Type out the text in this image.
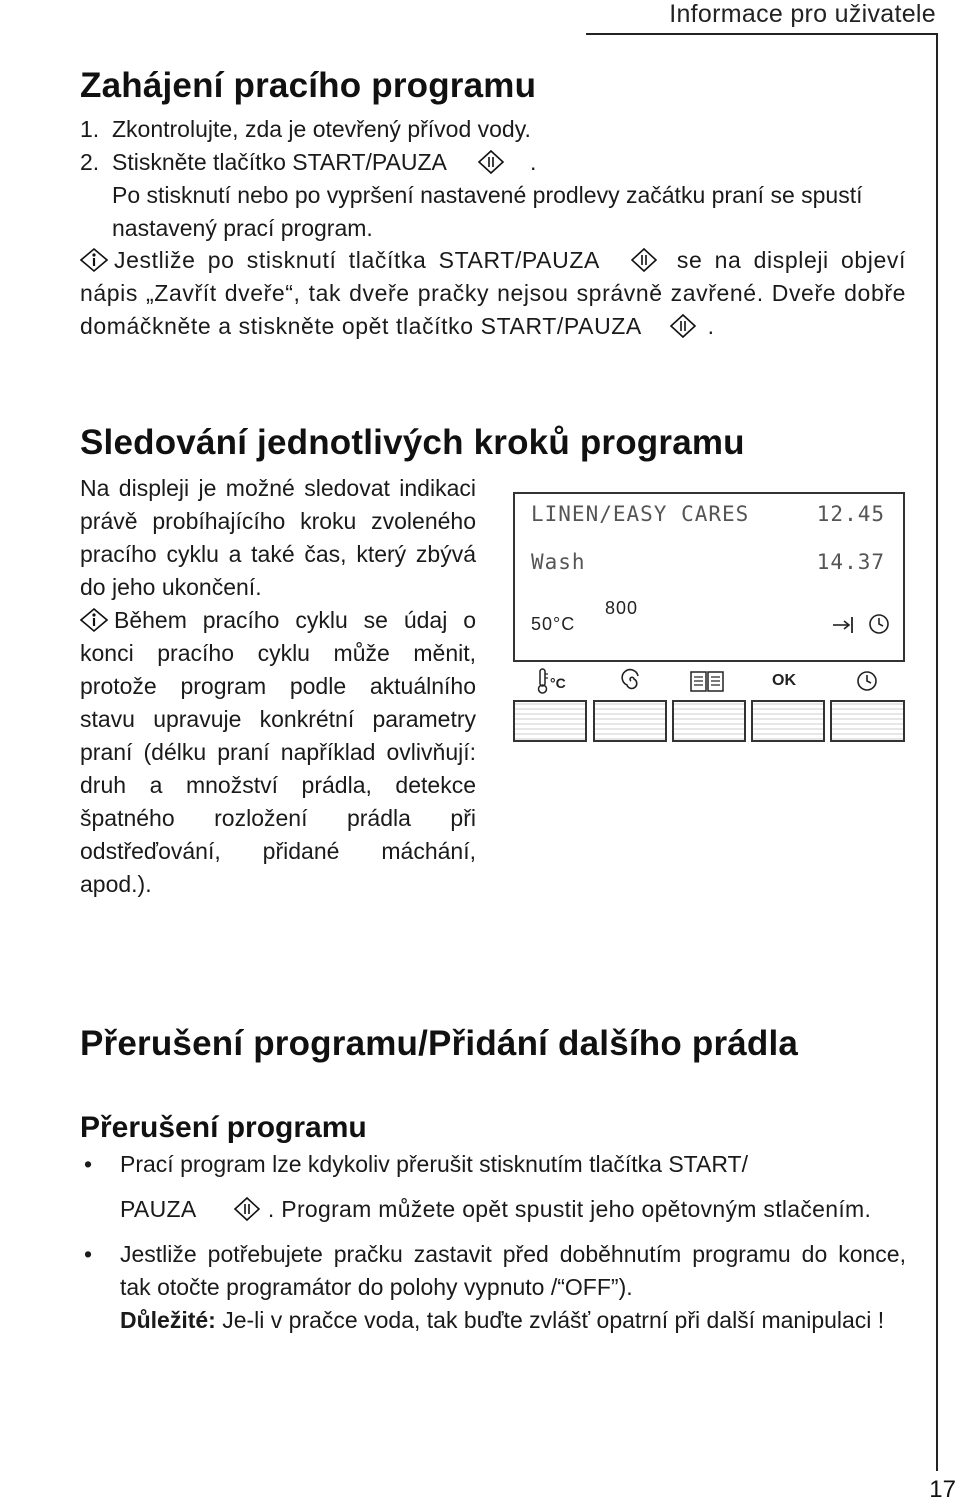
Informace pro uživatele
Zahájení pracího programu
1. Zkontrolujte, zda je otevřený přívod vody.
2. Stiskněte tlačítko START/PAUZA	.
Po stisknutí nebo po vypršení nastavené prodlevy začátku praní se spustí nastavený prací program.
Jestliže po stisknutí tlačítka START/PAUZA	se na displeji objeví nápis „Zavřít dveře“, tak dveře pračky nejsou správně zavřené. Dveře dobře domáčkněte a stiskněte opět tlačítko START/PAUZA	.
Sledování jednotlivých kroků programu

Na displeji je možné sledovat indikaci právě probíhajícího kroku zvoleného pracího cyklu a také čas, který zbývá do jeho ukončení.

Během pracího cyklu se údaj o konci pracího cyklu může měnit, protože program podle aktuálního stavu upravuje konkrétní parametry praní (délku praní například ovlivňují: druh a množství prádla, detekce špatného rozložení prádla při odstřeďování, přidané máchání, apod.).

LINEN/EASY CARES	12.45
Wash	14.37
50°C
800
°C	OK
Přerušení programu/Přidání dalšího prádla
Přerušení programu
• Prací program lze kdykoliv přerušit stisknutím tlačítka START/
PAUZA	. Program můžete opět spustit jeho opětovným stlačením.
• Jestliže potřebujete pračku zastavit před doběhnutím programu do konce, tak otočte programátor do polohy vypnuto /“OFF”).
Důležité: Je-li v pračce voda, tak buďte zvlášť opatrní při další manipulaci !
17
